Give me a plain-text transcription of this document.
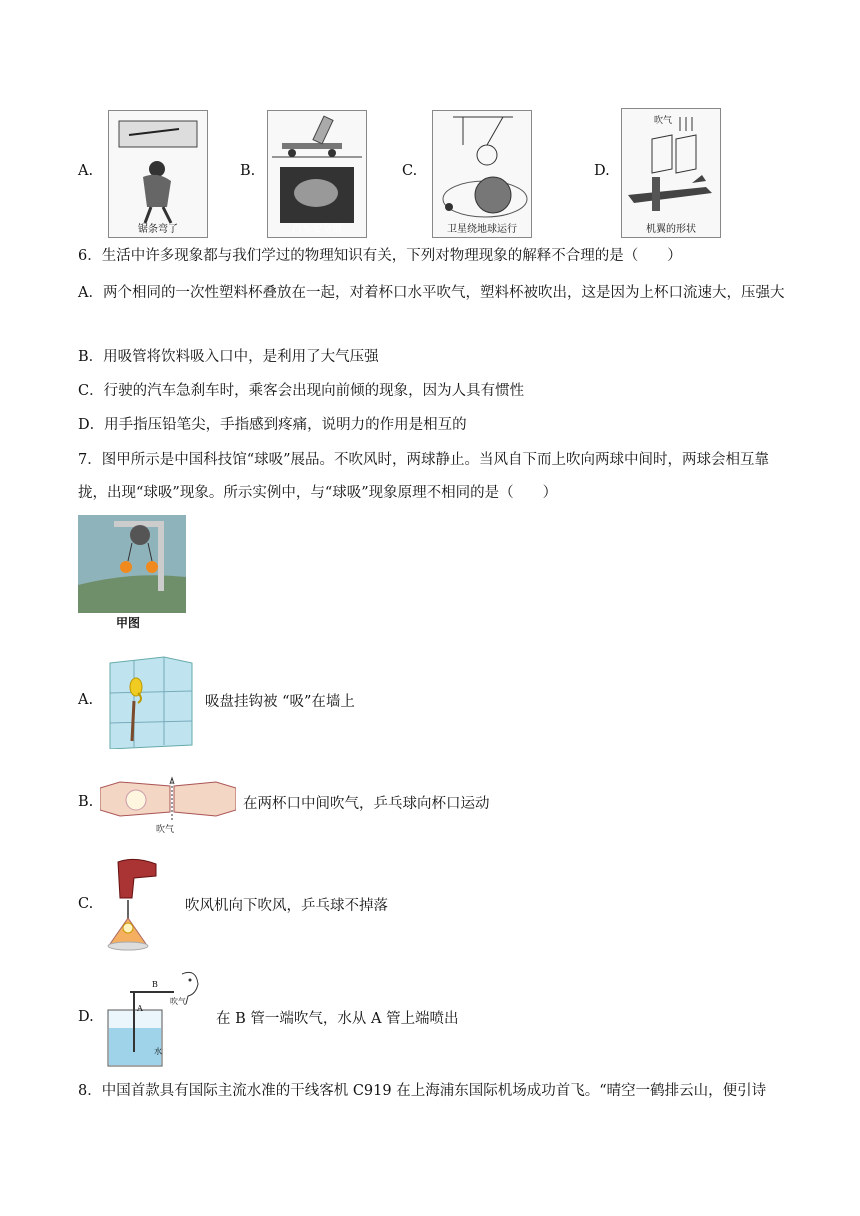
A.
锯条弯了
B.
汽车安全带
C.
卫星绕地球运行
D.
吹气
机翼的形状
6．生活中许多现象都与我们学过的物理知识有关，下列对物理现象的解释不合理的是（　　）
A．两个相同的一次性塑料杯叠放在一起，对着杯口水平吹气，塑料杯被吹出，这是因为上杯口流速大，压强大
B．用吸管将饮料吸入口中，是利用了大气压强
C．行驶的汽车急刹车时，乘客会出现向前倾的现象，因为人具有惯性
D．用手指压铅笔尖，手指感到疼痛，说明力的作用是相互的
7．图甲所示是中国科技馆“球吸”展品。不吹风时，两球静止。当风自下而上吹向两球中间时，两球会相互靠拢，出现“球吸”现象。所示实例中，与“球吸”现象原理不相同的是（　　）
甲图
A.	吸盘挂钩被 “吸”在墙上
B.
吹气
在两杯口中间吹气，乒乓球向杯口运动
C.	吹风机向下吹风，乒乓球不掉落
D.
B
A
吹气
水
在 B 管一端吹气，水从 A 管上端喷出
8．中国首款具有国际主流水准的干线客机 C919 在上海浦东国际机场成功首飞。“晴空一鹤排云山，便引诗
